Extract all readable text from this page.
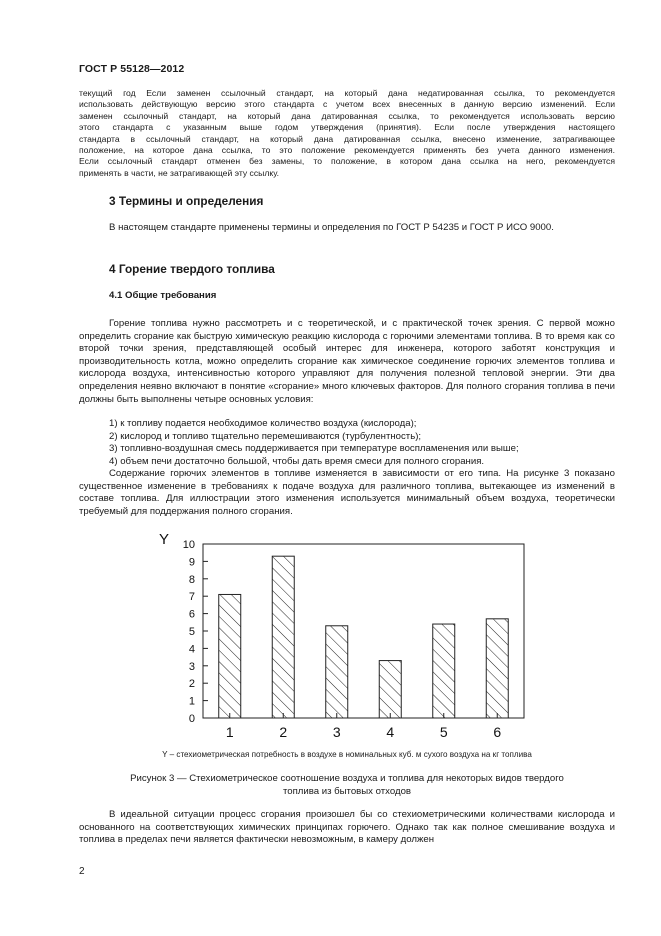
ГОСТ Р 55128—2012

текущий год Если заменен ссылочный стандарт, на который дана недатированная ссылка, то рекомендуется

использовать действующую версию этого стандарта с учетом всех внесенных в данную версию изменений. Если

заменен ссылочный стандарт, на который дана датированная ссылка, то рекомендуется использовать версию

этого стандарта с указанным выше годом утверждения (принятия). Если после утверждения настоящего

стандарта в ссылочный стандарт, на который дана датированная ссылка, внесено изменение, затрагивающее

положение, на которое дана ссылка, то это положение рекомендуется применять без учета данного изменения.

Если ссылочный стандарт отменен без замены, то положение, в котором дана ссылка на него, рекомендуется

применять в части, не затрагивающей эту ссылку.

3 Термины и определения
В настоящем стандарте применены термины и определения по ГОСТ Р 54235 и ГОСТ Р ИСО 9000.
4 Горение твердого топлива
4.1 Общие требования
Горение топлива нужно рассмотреть и с теоретической, и с практической точек зрения. С первой можно определить сгорание как быструю химическую реакцию кислорода с горючими элементами топлива. В то время как со второй точки зрения, представляющей особый интерес для инженера, которого заботят конструкция и производительность котла, можно определить сгорание как химическое соединение горючих элементов топлива и кислорода воздуха, интенсивностью которого управляют для получения полезной тепловой энергии. Эти два определения неявно включают в понятие «сгорание» много ключевых факторов. Для полного сгорания топлива в печи должны быть выполнены четыре основных условия:

1) к топливу подается необходимое количество воздуха (кислорода);

2) кислород и топливо тщательно перемешиваются (турбулентность);

3) топливно-воздушная смесь поддерживается при температуре воспламенения или выше;

4) объем печи достаточно большой, чтобы дать время смеси для полного сгорания.

Содержание горючих элементов в топливе изменяется в зависимости от его типа. На рисунке 3 показано существенное изменение в требованиях к подаче воздуха для различного топлива, вытекающее из изменений в составе топлива. Для иллюстрации этого изменения используется минимальный объем воздуха, теоретически требуемый для поддержания полного сгорания.
Y
0
1
2
3
4
5
6
7
8
9
10
1	2	3	4	5	6
Y – стехиометрическая потребность в воздухе в номинальных куб. м сухого воздуха на кг топлива

Рисунок 3 — Стехиометрическое соотношение воздуха и топлива для некоторых видов твердого

топлива из бытовых отходов

В идеальной ситуации процесс сгорания произошел бы со стехиометрическими количествами кислорода и основанного на соответствующих химических принципах горючего. Однако так как полное смешивание воздуха и топлива в пределах печи является фактически невозможным, в камеру должен
2
